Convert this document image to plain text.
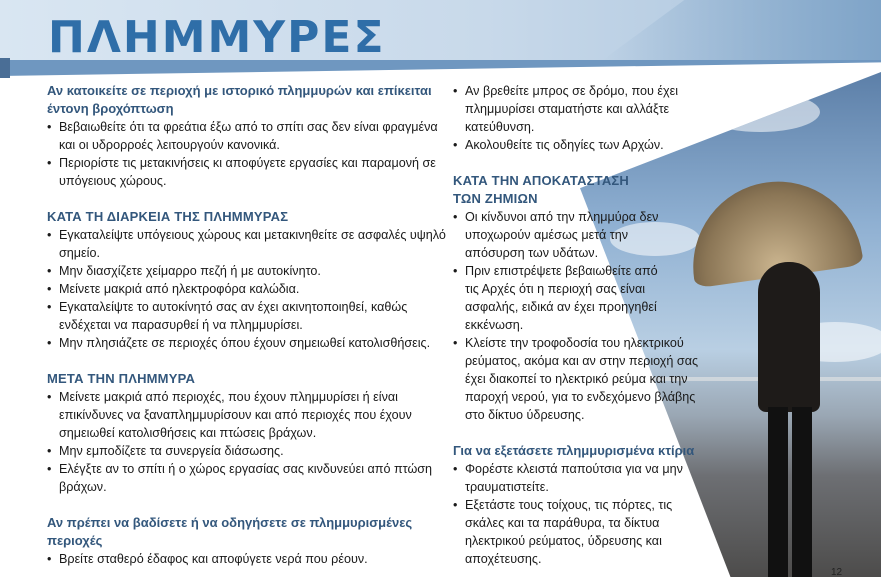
ΠΛΗΜΜΥΡΕΣ
Αν κατοικείτε σε περιοχή με ιστορικό πλημμυρών και επίκειται έντονη βροχόπτωση
• Βεβαιωθείτε ότι τα φρεάτια έξω από το σπίτι σας δεν είναι φραγμένα και οι υδρορροές λειτουργούν κανονικά.
• Περιορίστε τις μετακινήσεις κι αποφύγετε εργασίες και παραμονή σε υπόγειους χώρους.
ΚΑΤΑ ΤΗ ΔΙΑΡΚΕΙΑ ΤΗΣ ΠΛΗΜΜΥΡΑΣ
• Εγκαταλείψτε υπόγειους χώρους και μετακινηθείτε σε ασφαλές υψηλό σημείο.
• Μην διασχίζετε χείμαρρο πεζή ή με αυτοκίνητο.
• Μείνετε μακριά από ηλεκτροφόρα καλώδια.
• Εγκαταλείψτε το αυτοκίνητό σας αν έχει ακινητοποιηθεί, καθώς ενδέχεται να παρασυρθεί ή να πλημμυρίσει.
• Μην πλησιάζετε σε περιοχές όπου έχουν σημειωθεί κατολισθήσεις.
ΜΕΤΑ ΤΗΝ ΠΛΗΜΜΥΡΑ
• Μείνετε μακριά από περιοχές, που έχουν πλημμυρίσει ή είναι επικίνδυνες να ξαναπλημμυρίσουν και από περιοχές που έχουν σημειωθεί κατολισθήσεις και πτώσεις βράχων.
• Μην εμποδίζετε τα συνεργεία διάσωσης.
• Ελέγξτε αν το σπίτι ή ο χώρος εργασίας σας κινδυνεύει από πτώση βράχων.
Αν πρέπει να βαδίσετε ή να οδηγήσετε σε πλημμυρισμένες περιοχές
• Βρείτε σταθερό έδαφος και αποφύγετε νερά που ρέουν.
• Αν βρεθείτε μπρος σε δρόμο, που έχει πλημμυρίσει σταματήστε και αλλάξτε κατεύθυνση.
• Ακολουθείτε τις οδηγίες των Αρχών.
ΚΑΤΑ ΤΗΝ ΑΠΟΚΑΤΑΣΤΑΣΗ ΤΩΝ ΖΗΜΙΩΝ
• Οι κίνδυνοι από την πλημμύρα δεν υποχωρούν αμέσως μετά την απόσυρση των υδάτων.
• Πριν επιστρέψετε βεβαιωθείτε από τις Αρχές ότι η περιοχή σας είναι ασφαλής, ειδικά αν έχει προηγηθεί εκκένωση.
• Κλείστε την τροφοδοσία του ηλεκτρικού ρεύματος, ακόμα και αν στην περιοχή σας έχει διακοπεί το ηλεκτρικό ρεύμα και την παροχή νερού, για το ενδεχόμενο βλάβης στο δίκτυο ύδρευσης.
Για να εξετάσετε πλημμυρισμένα κτίρια
• Φορέστε κλειστά παπούτσια για να μην τραυματιστείτε.
• Εξετάστε τους τοίχους, τις πόρτες, τις σκάλες και τα παράθυρα, τα δίκτυα ηλεκτρικού ρεύματος, ύδρευσης και αποχέτευσης.
12
